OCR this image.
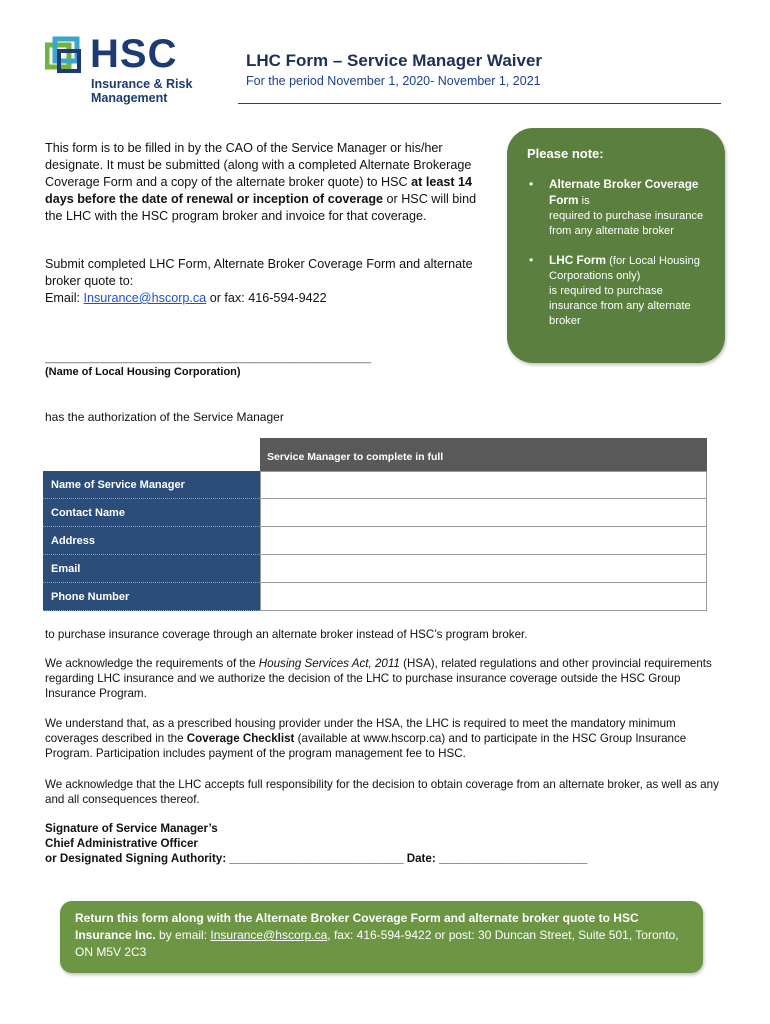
HSC
Insurance & Risk
Management
LHC Form – Service Manager Waiver
For the period November 1, 2020- November 1, 2021
This form is to be filled in by the CAO of the Service Manager or his/her designate. It must be submitted (along with a completed Alternate Brokerage Coverage Form and a copy of the alternate broker quote) to HSC at least 14 days before the date of renewal or inception of coverage or HSC will bind the LHC with the HSC program broker and invoice for that coverage.
Submit completed LHC Form, Alternate Broker Coverage Form and alternate broker quote to:
Email: Insurance@hscorp.ca or fax: 416-594-9422
Please note:
• Alternate Broker Coverage Form is
required to purchase insurance from any alternate broker
• LHC Form (for Local Housing Corporations only)
is required to purchase insurance from any alternate broker
________________________________________________________
(Name of Local Housing Corporation)
has the authorization of the Service Manager
Service Manager to complete in full
Name of Service Manager
Contact Name
Address
Email
Phone Number
to purchase insurance coverage through an alternate broker instead of HSC’s program broker.
We acknowledge the requirements of the Housing Services Act, 2011 (HSA), related regulations and other provincial requirements regarding LHC insurance and we authorize the decision of the LHC to purchase insurance coverage outside the HSC Group Insurance Program.
We understand that, as a prescribed housing provider under the HSA, the LHC is required to meet the mandatory minimum coverages described in the Coverage Checklist (available at www.hscorp.ca) and to participate in the HSC Group Insurance Program. Participation includes payment of the program management fee to HSC.
We acknowledge that the LHC accepts full responsibility for the decision to obtain coverage from an alternate broker, as well as any and all consequences thereof.
Signature of Service Manager’s
Chief Administrative Officer
or Designated Signing Authority: ___________________________ Date: _______________________
Return this form along with the Alternate Broker Coverage Form and alternate broker quote to HSC Insurance Inc. by email: Insurance@hscorp.ca, fax: 416-594-9422 or post: 30 Duncan Street, Suite 501, Toronto, ON M5V 2C3
